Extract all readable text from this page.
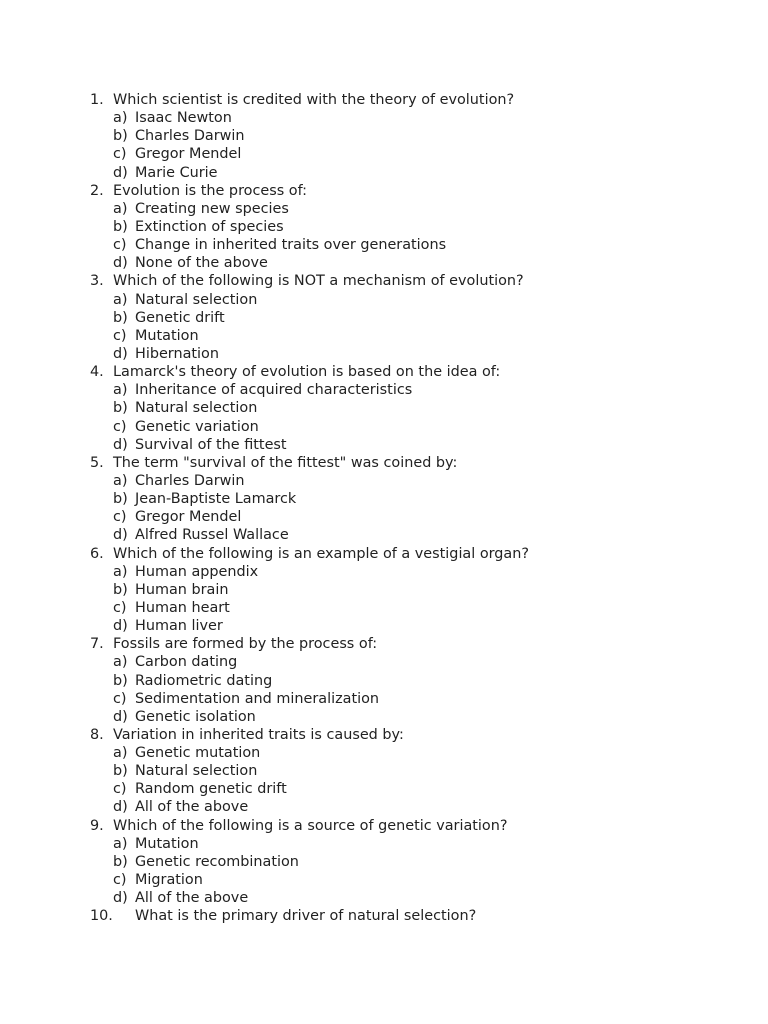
1. Which scientist is credited with the theory of evolution?
a) Isaac Newton
b) Charles Darwin
c) Gregor Mendel
d) Marie Curie
2. Evolution is the process of:
a) Creating new species
b) Extinction of species
c) Change in inherited traits over generations
d) None of the above
3. Which of the following is NOT a mechanism of evolution?
a) Natural selection
b) Genetic drift
c) Mutation
d) Hibernation
4. Lamarck's theory of evolution is based on the idea of:
a) Inheritance of acquired characteristics
b) Natural selection
c) Genetic variation
d) Survival of the fittest
5. The term "survival of the fittest" was coined by:
a) Charles Darwin
b) Jean-Baptiste Lamarck
c) Gregor Mendel
d) Alfred Russel Wallace
6. Which of the following is an example of a vestigial organ?
a) Human appendix
b) Human brain
c) Human heart
d) Human liver
7. Fossils are formed by the process of:
a) Carbon dating
b) Radiometric dating
c) Sedimentation and mineralization
d) Genetic isolation
8. Variation in inherited traits is caused by:
a) Genetic mutation
b) Natural selection
c) Random genetic drift
d) All of the above
9. Which of the following is a source of genetic variation?
a) Mutation
b) Genetic recombination
c) Migration
d) All of the above
10. What is the primary driver of natural selection?
